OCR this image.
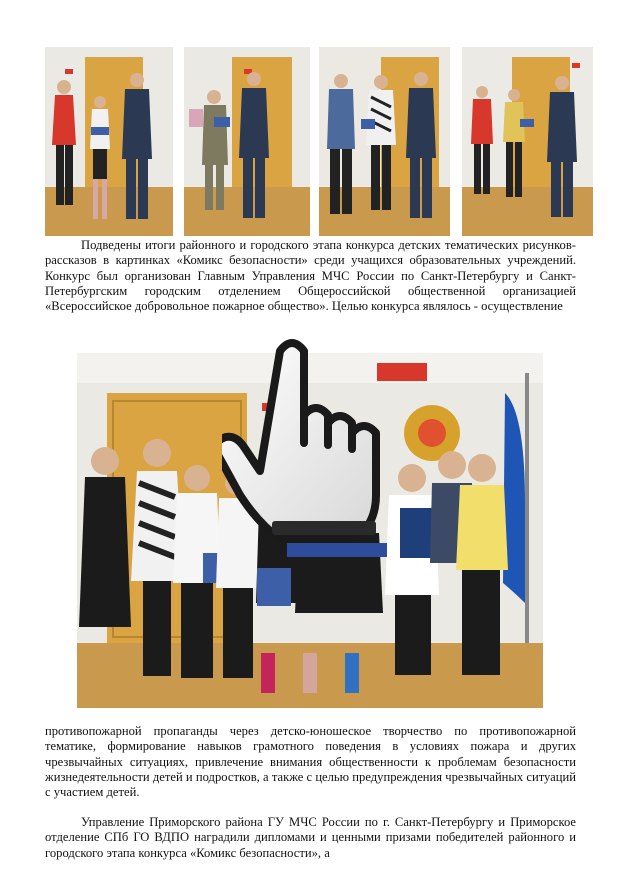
Подведены итоги районного и городского этапа конкурса детских тематических рисунков-рассказов в картинках «Комикс безопасности» среди учащихся образовательных учреждений. Конкурс был организован Главным Управления МЧС России по Санкт-Петербургу и Санкт-Петербургским городским отделением Общероссийской общественной организацией «Всероссийское добровольное пожарное общество». Целью конкурса являлось - осуществление

противопожарной пропаганды через детско-юношеское творчество по противопожарной тематике, формирование навыков грамотного поведения в условиях пожара и других чрезвычайных ситуациях, привлечение внимания общественности к проблемам безопасности жизнедеятельности детей и подростков, а также с целью предупреждения чрезвычайных ситуаций с участием детей.

Управление Приморского района ГУ МЧС России по г. Санкт-Петербургу и Приморское отделение СПб ГО ВДПО наградили дипломами и ценными призами победителей районного и городского этапа конкурса «Комикс безопасности», а
